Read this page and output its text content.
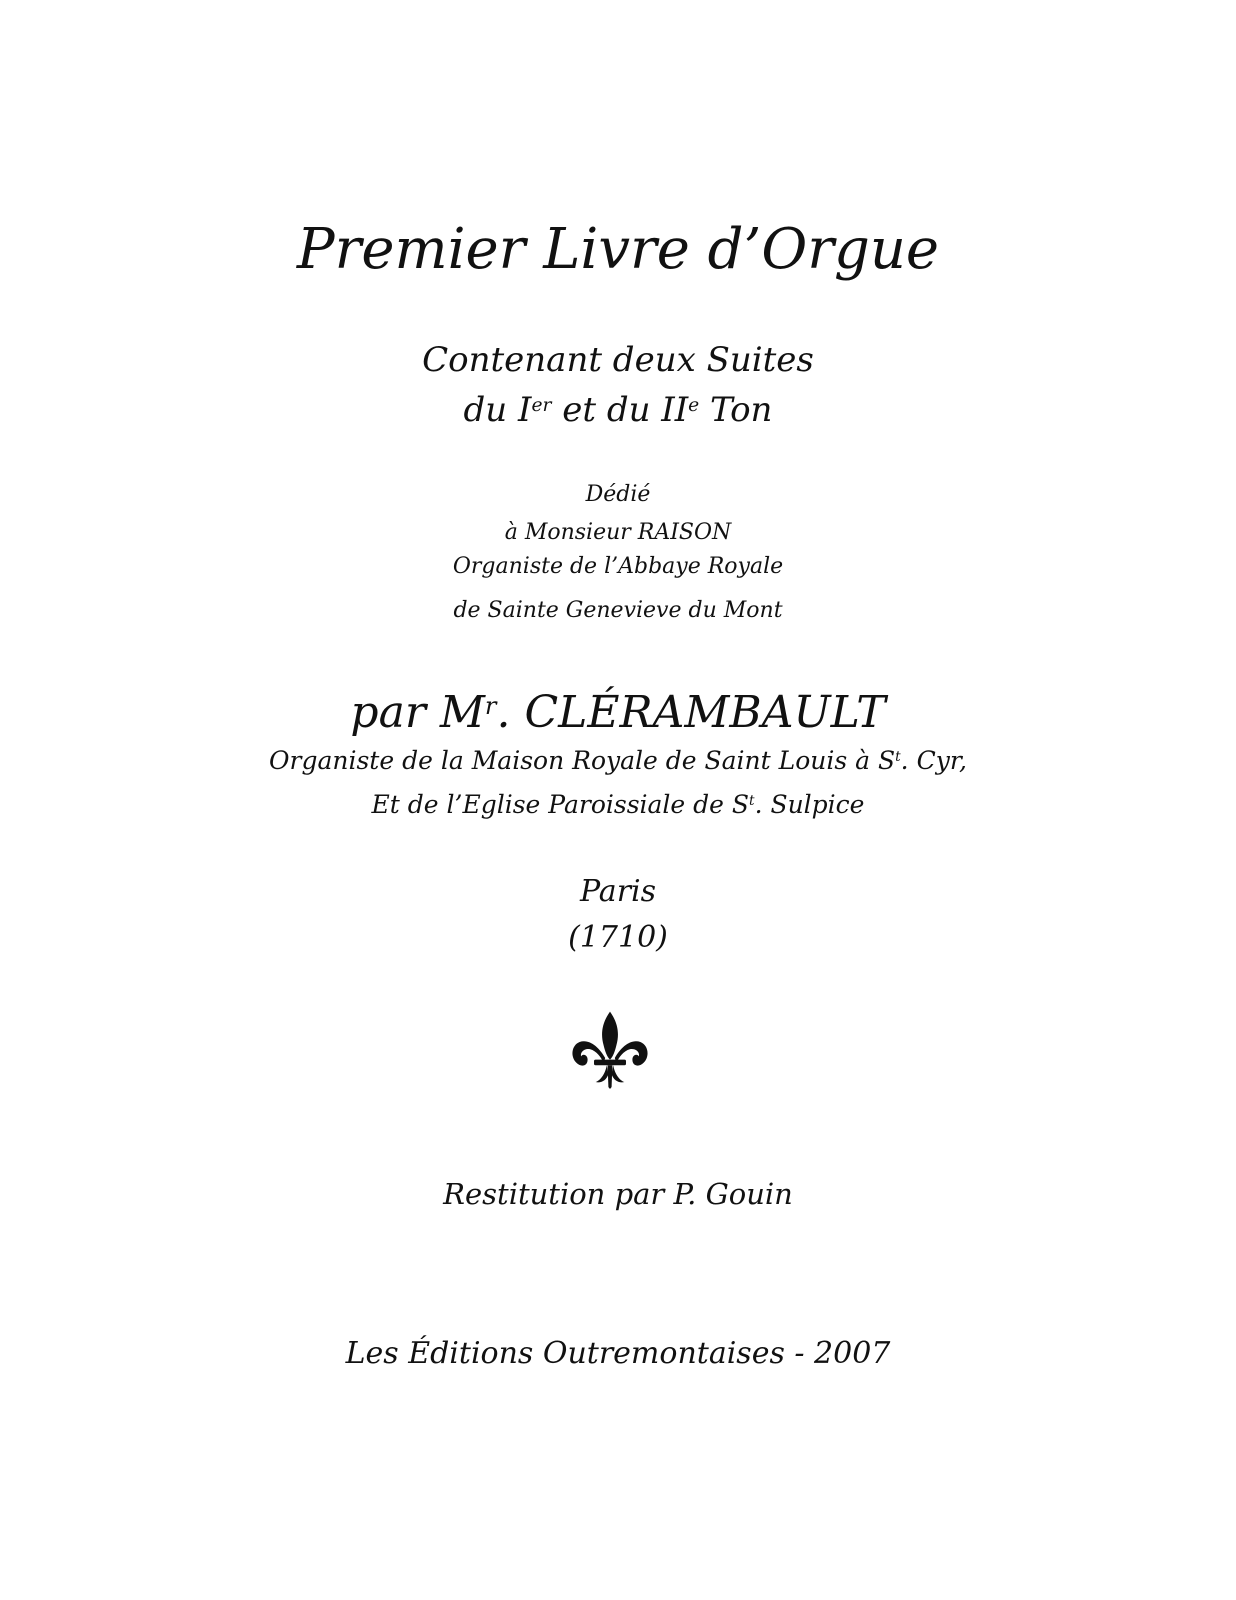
Premier Livre d’Orgue

Contenant deux Suites

du Ier et du IIe Ton

Dédié

à Monsieur RAISON

Organiste de l’Abbaye Royale

de Sainte Genevieve du Mont

par $M^r$. CLÉRAMBAULT

Organiste de la Maison Royale de Saint Louis à $S^t$. Cyr,

Et de l’Eglise Paroissiale de $S^t$. Sulpice

Paris

(1710)

Restitution par P. Gouin

Les Éditions Outremontaises - 2007
